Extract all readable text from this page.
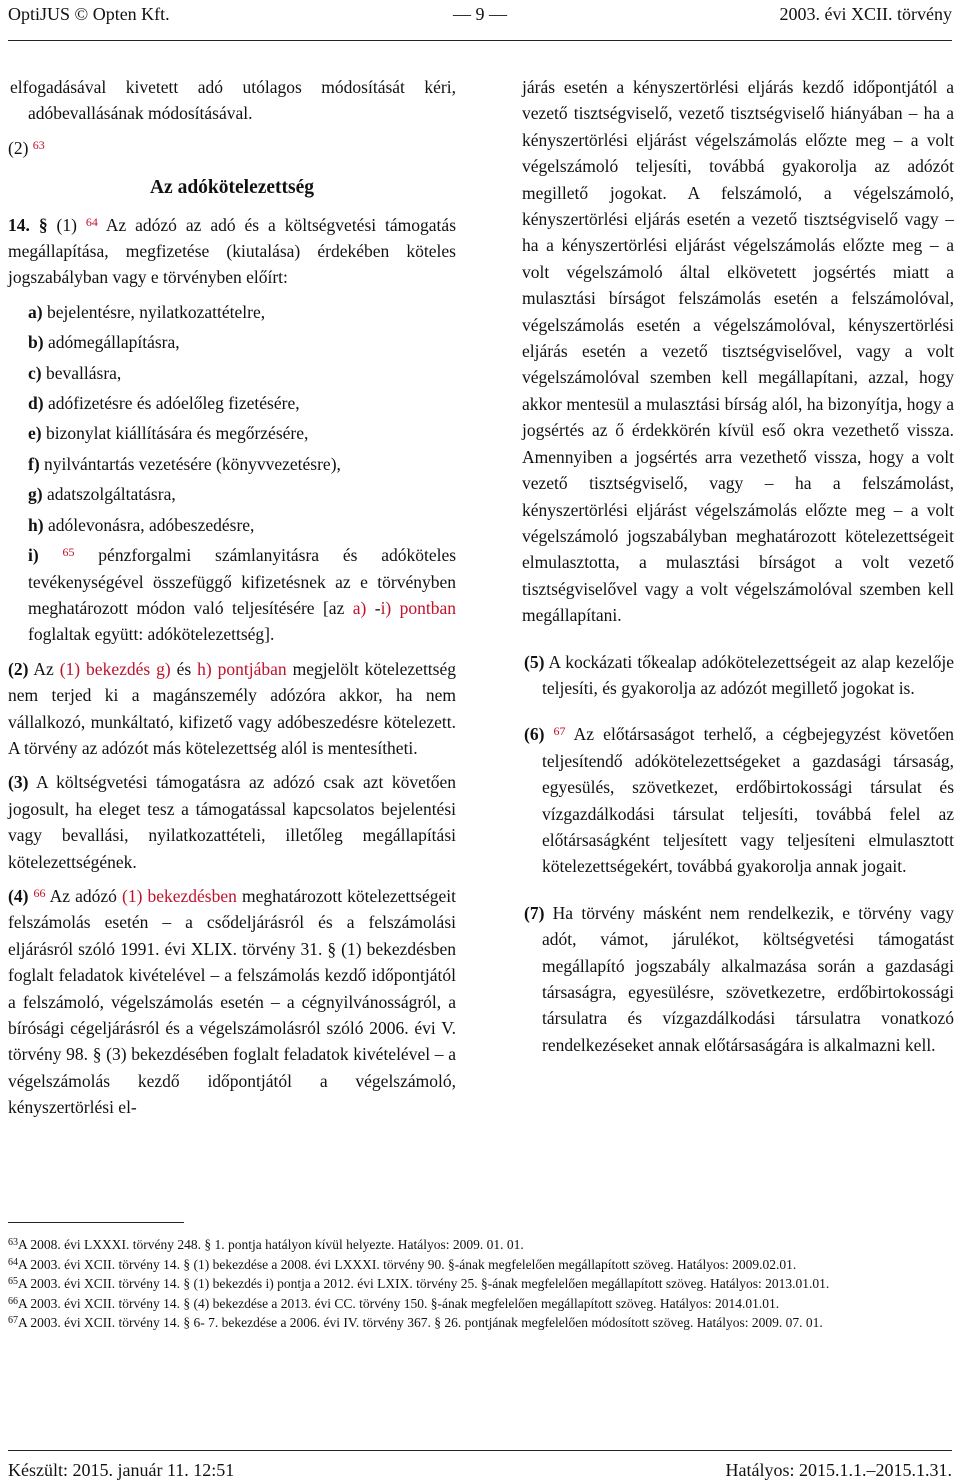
OptiJUS © Opten Kft.	— 9 —	2003. évi XCII. törvény

elfogadásával kivetett adó utólagos módosítását kéri, adóbevallásának módosításával.

(2) $^{63}$

Az adókötelezettség

14. § (1) $^{64}$ Az adózó az adó és a költségvetési támogatás megállapítása, megfizetése (kiutalása) érdekében köteles jogszabályban vagy e törvényben előírt:

a) bejelentésre, nyilatkozattételre,

b) adómegállapításra,

c) bevallásra,

d) adófizetésre és adóelőleg fizetésére,

e) bizonylat kiállítására és megőrzésére,

f) nyilvántartás vezetésére (könyvvezetésre),

g) adatszolgáltatásra,

h) adólevonásra, adóbeszedésre,

i) $^{65}$ pénzforgalmi számlanyitásra és adóköteles tevékenységével összefüggő kifizetésnek az e törvényben meghatározott módon való teljesítésére [az a) -i) pontban foglaltak együtt: adókötelezettség].

(2) Az (1) bekezdés g) és h) pontjában megjelölt kötelezettség nem terjed ki a magánszemély adózóra akkor, ha nem vállalkozó, munkáltató, kifizető vagy adóbeszedésre kötelezett. A törvény az adózót más kötelezettség alól is mentesítheti.

(3) A költségvetési támogatásra az adózó csak azt követően jogosult, ha eleget tesz a támogatással kapcsolatos bejelentési vagy bevallási, nyilatkozattételi, illetőleg megállapítási kötelezettségének.

(4) $^{66}$ Az adózó (1) bekezdésben meghatározott kötelezettségeit felszámolás esetén – a csődeljárásról és a felszámolási eljárásról szóló 1991. évi XLIX. törvény 31. § (1) bekezdésben foglalt feladatok kivételével – a felszámolás kezdő időpontjától a felszámoló, végelszámolás esetén – a cégnyilvánosságról, a bírósági cégeljárásról és a végelszámolásról szóló 2006. évi V. törvény 98. § (3) bekezdésében foglalt feladatok kivételével – a végelszámolás kezdő időpontjától a végelszámoló, kényszertörlési el-

járás esetén a kényszertörlési eljárás kezdő időpontjától a vezető tisztségviselő, vezető tisztségviselő hiányában – ha a kényszertörlési eljárást végelszámolás előzte meg – a volt végelszámoló teljesíti, továbbá gyakorolja az adózót megillető jogokat. A felszámoló, a végelszámoló, kényszertörlési eljárás esetén a vezető tisztségviselő vagy – ha a kényszertörlési eljárást végelszámolás előzte meg – a volt végelszámoló által elkövetett jogsértés miatt a mulasztási bírságot felszámolás esetén a felszámolóval, végelszámolás esetén a végelszámolóval, kényszertörlési eljárás esetén a vezető tisztségviselővel, vagy a volt végelszámolóval szemben kell megállapítani, azzal, hogy akkor mentesül a mulasztási bírság alól, ha bizonyítja, hogy a jogsértés az ő érdekkörén kívül eső okra vezethető vissza. Amennyiben a jogsértés arra vezethető vissza, hogy a volt vezető tisztségviselő, vagy – ha a felszámolást, kényszertörlési eljárást végelszámolás előzte meg – a volt végelszámoló jogszabályban meghatározott kötelezettségeit elmulasztotta, a mulasztási bírságot a volt vezető tisztségviselővel vagy a volt végelszámolóval szemben kell megállapítani.

(5) A kockázati tőkealap adókötelezettségeit az alap kezelője teljesíti, és gyakorolja az adózót megillető jogokat is.

(6) $^{67}$ Az előtársaságot terhelő, a cégbejegyzést követően teljesítendő adókötelezettségeket a gazdasági társaság, egyesülés, szövetkezet, erdőbirtokossági társulat és vízgazdálkodási társulat teljesíti, továbbá felel az előtársaságként teljesített vagy teljesíteni elmulasztott kötelezettségekért, továbbá gyakorolja annak jogait.

(7) Ha törvény másként nem rendelkezik, e törvény vagy adót, vámot, járulékot, költségvetési támogatást megállapító jogszabály alkalmazása során a gazdasági társaságra, egyesülésre, szövetkezetre, erdőbirtokossági társulatra és vízgazdálkodási társulatra vonatkozó rendelkezéseket annak előtársaságára is alkalmazni kell.

$^{63}$A 2008. évi LXXXI. törvény 248. § 1. pontja hatályon kívül helyezte. Hatályos: 2009. 01. 01.
$^{64}$A 2003. évi XCII. törvény 14. § (1) bekezdése a 2008. évi LXXXI. törvény 90. §-ának megfelelően megállapított szöveg. Hatályos: 2009.02.01.
$^{65}$A 2003. évi XCII. törvény 14. § (1) bekezdés i) pontja a 2012. évi LXIX. törvény 25. §-ának megfelelően megállapított szöveg. Hatályos: 2013.01.01.
$^{66}$A 2003. évi XCII. törvény 14. § (4) bekezdése a 2013. évi CC. törvény 150. §-ának megfelelően megállapított szöveg. Hatályos: 2014.01.01.
$^{67}$A 2003. évi XCII. törvény 14. § 6- 7. bekezdése a 2006. évi IV. törvény 367. § 26. pontjának megfelelően módosított szöveg. Hatályos: 2009. 07. 01.
Készült: 2015. január 11. 12:51	Hatályos: 2015.1.1.–2015.1.31.
